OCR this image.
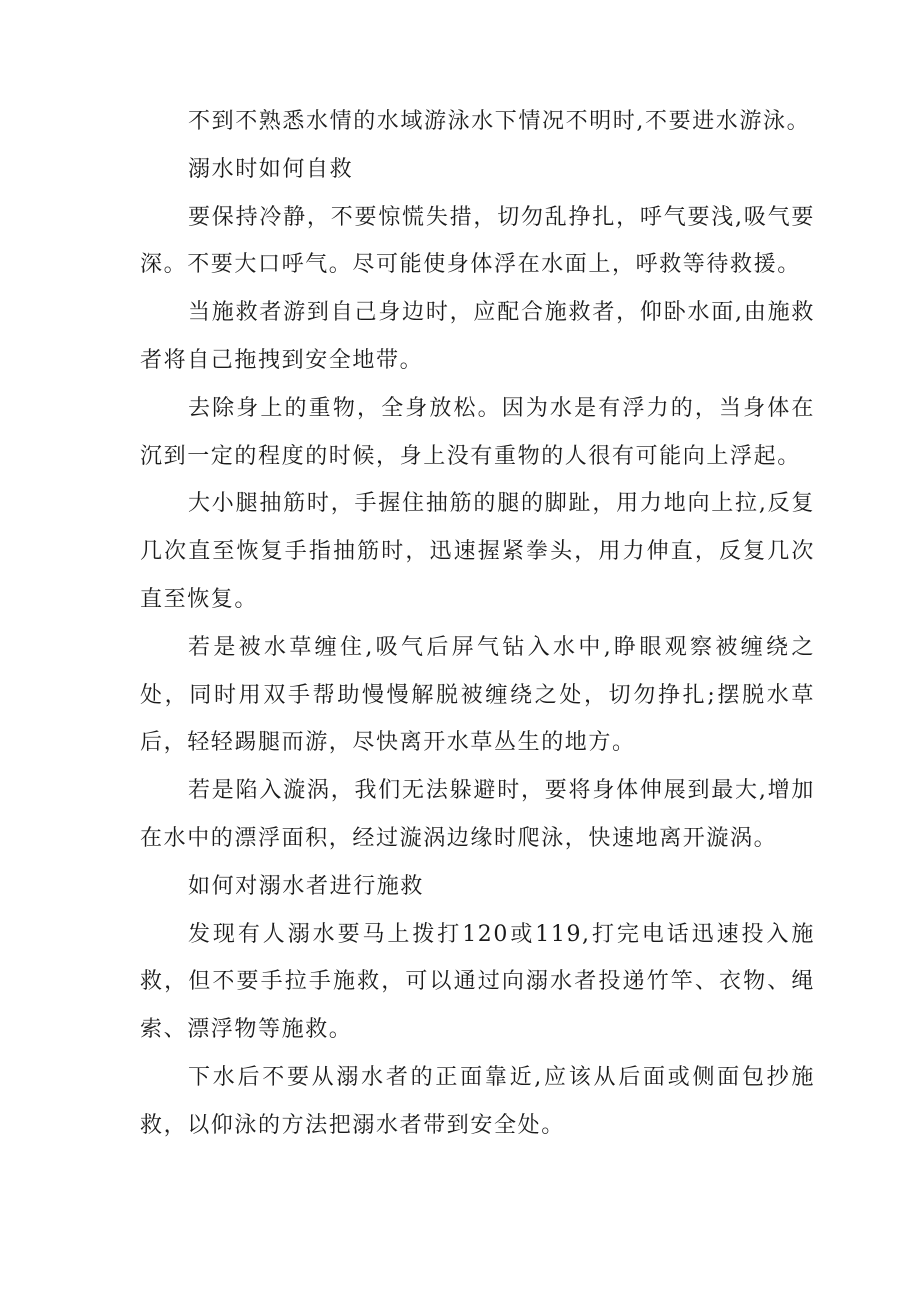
不到不熟悉水情的水域游泳水下情况不明时,不要进水游泳。

溺水时如何自救

要保持冷静，不要惊慌失措，切勿乱挣扎，呼气要浅,吸气要深。不要大口呼气。尽可能使身体浮在水面上，呼救等待救援。

当施救者游到自己身边时，应配合施救者，仰卧水面,由施救者将自己拖拽到安全地带。

去除身上的重物，全身放松。因为水是有浮力的，当身体在沉到一定的程度的时候，身上没有重物的人很有可能向上浮起。

大小腿抽筋时，手握住抽筋的腿的脚趾，用力地向上拉,反复几次直至恢复手指抽筋时，迅速握紧拳头，用力伸直，反复几次直至恢复。

若是被水草缠住,吸气后屏气钻入水中,睁眼观察被缠绕之处，同时用双手帮助慢慢解脱被缠绕之处，切勿挣扎;摆脱水草后，轻轻踢腿而游，尽快离开水草丛生的地方。

若是陷入漩涡，我们无法躲避时，要将身体伸展到最大,增加在水中的漂浮面积，经过漩涡边缘时爬泳，快速地离开漩涡。

如何对溺水者进行施救

发现有人溺水要马上拨打120或119,打完电话迅速投入施救，但不要手拉手施救，可以通过向溺水者投递竹竿、衣物、绳索、漂浮物等施救。

下水后不要从溺水者的正面靠近,应该从后面或侧面包抄施救，以仰泳的方法把溺水者带到安全处。
